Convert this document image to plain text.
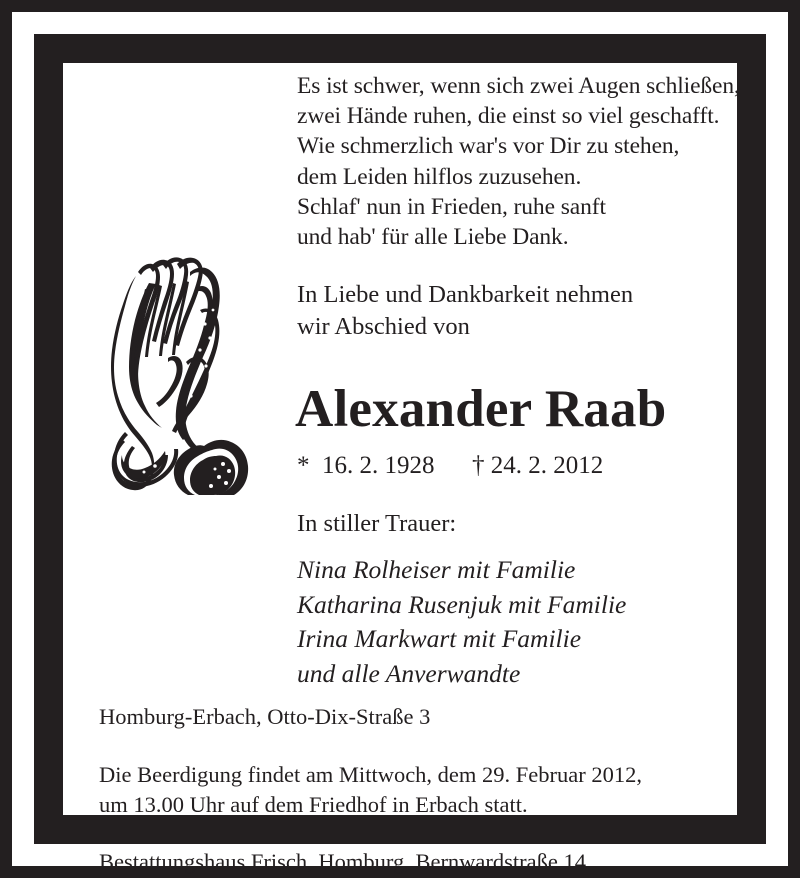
Es ist schwer, wenn sich zwei Augen schließen,
zwei Hände ruhen, die einst so viel geschafft.
Wie schmerzlich war's vor Dir zu stehen,
dem Leiden hilflos zuzusehen.
Schlaf' nun in Frieden, ruhe sanft
und hab' für alle Liebe Dank.
In Liebe und Dankbarkeit nehmen
wir Abschied von
Alexander Raab
*  16. 2. 1928      † 24. 2. 2012
In stiller Trauer:
Nina Rolheiser mit Familie
Katharina Rusenjuk mit Familie
Irina Markwart mit Familie
und alle Anverwandte
Homburg-Erbach, Otto-Dix-Straße 3
Die Beerdigung findet am Mittwoch, dem 29. Februar 2012,
um 13.00 Uhr auf dem Friedhof in Erbach statt.
Bestattungshaus Frisch, Homburg, Bernwardstraße 14
